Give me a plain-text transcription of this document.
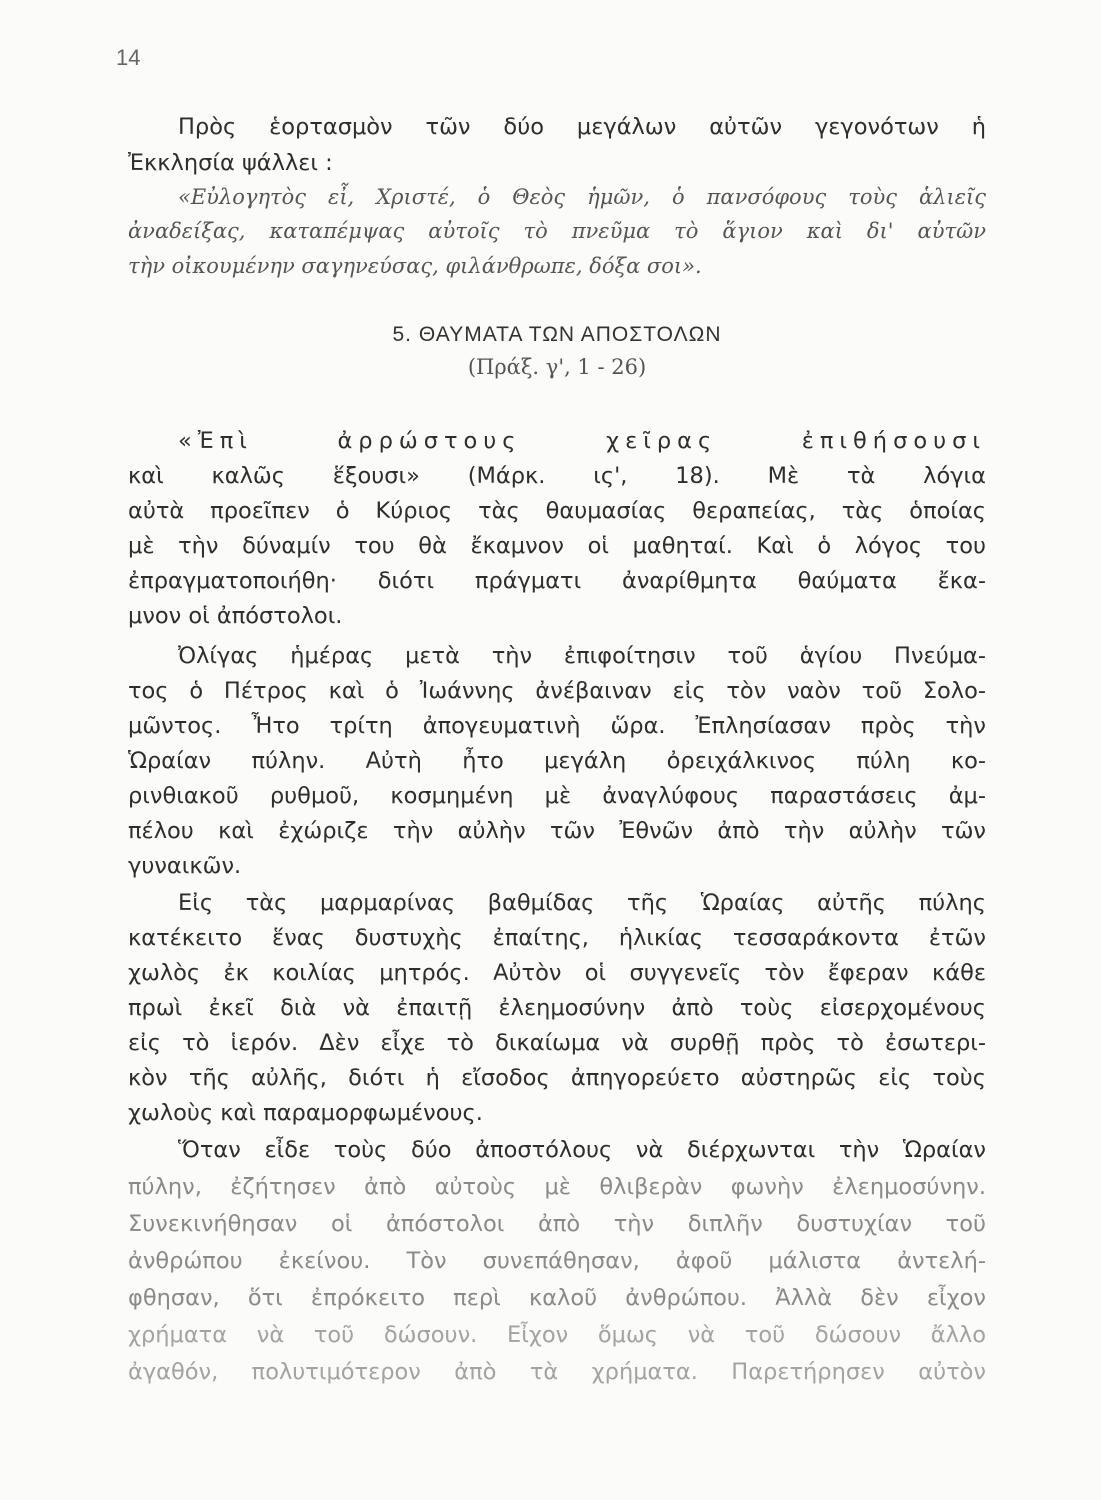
14
Πρὸς ἑορτασμὸν τῶν δύο μεγάλων αὐτῶν γεγονότων ἡ
Ἐκκλησία ψάλλει :
«Εὐλογητὸς εἶ, Χριστέ, ὁ Θεὸς ἡμῶν, ὁ πανσόφους τοὺς ἁλιεῖς
ἀναδείξας, καταπέμψας αὐτοῖς τὸ πνεῦμα τὸ ἅγιον καὶ δι' αὐτῶν
τὴν οἰκουμένην σαγηνεύσας, φιλάνθρωπε, δόξα σοι».
5. ΘΑΥΜΑΤΑ ΤΩΝ ΑΠΟΣΤΟΛΩΝ
(Πράξ. γ', 1 - 26)
«Ἐπὶ ἀρρώστους χεῖρας ἐπιθήσουσι
καὶ καλῶς ἕξουσι» (Μάρκ. ις', 18). Μὲ τὰ λόγια
αὐτὰ προεῖπεν ὁ Κύριος τὰς θαυμασίας θεραπείας, τὰς ὁποίας
μὲ τὴν δύναμίν του θὰ ἔκαμνον οἱ μαθηταί. Καὶ ὁ λόγος του
ἐπραγματοποιήθη· διότι πράγματι ἀναρίθμητα θαύματα ἔκα-
μνον οἱ ἀπόστολοι.
Ὀλίγας ἡμέρας μετὰ τὴν ἐπιφοίτησιν τοῦ ἁγίου Πνεύμα-
τος ὁ Πέτρος καὶ ὁ Ἰωάννης ἀνέβαιναν εἰς τὸν ναὸν τοῦ Σολο-
μῶντος. Ἦτο τρίτη ἀπογευματινὴ ὥρα. Ἐπλησίασαν πρὸς τὴν
Ὡραίαν πύλην. Αὐτὴ ἦτο μεγάλη ὀρειχάλκινος πύλη κο-
ρινθιακοῦ ρυθμοῦ, κοσμημένη μὲ ἀναγλύφους παραστάσεις ἀμ-
πέλου καὶ ἐχώριζε τὴν αὐλὴν τῶν Ἐθνῶν ἀπὸ τὴν αὐλὴν τῶν
γυναικῶν.
Εἰς τὰς μαρμαρίνας βαθμίδας τῆς Ὡραίας αὐτῆς πύλης
κατέκειτο ἕνας δυστυχὴς ἐπαίτης, ἡλικίας τεσσαράκοντα ἐτῶν
χωλὸς ἐκ κοιλίας μητρός. Αὐτὸν οἱ συγγενεῖς τὸν ἔφεραν κάθε
πρωὶ ἐκεῖ διὰ νὰ ἐπαιτῇ ἐλεημοσύνην ἀπὸ τοὺς εἰσερχομένους
εἰς τὸ ἱερόν. Δὲν εἶχε τὸ δικαίωμα νὰ συρθῇ πρὸς τὸ ἐσωτερι-
κὸν τῆς αὐλῆς, διότι ἡ εἴσοδος ἀπηγορεύετο αὐστηρῶς εἰς τοὺς
χωλοὺς καὶ παραμορφωμένους.
Ὅταν εἶδε τοὺς δύο ἀποστόλους νὰ διέρχωνται τὴν Ὡραίαν
πύλην, ἐζήτησεν ἀπὸ αὐτοὺς μὲ θλιβερὰν φωνὴν ἐλεημοσύνην.
Συνεκινήθησαν οἱ ἀπόστολοι ἀπὸ τὴν διπλῆν δυστυχίαν τοῦ
ἀνθρώπου ἐκείνου. Τὸν συνεπάθησαν, ἀφοῦ μάλιστα ἀντελή-
φθησαν, ὅτι ἐπρόκειτο περὶ καλοῦ ἀνθρώπου. Ἀλλὰ δὲν εἶχον
χρήματα νὰ τοῦ δώσουν. Εἶχον ὅμως νὰ τοῦ δώσουν ἄλλο
ἀγαθόν, πολυτιμότερον ἀπὸ τὰ χρήματα. Παρετήρησεν αὐτὸν
